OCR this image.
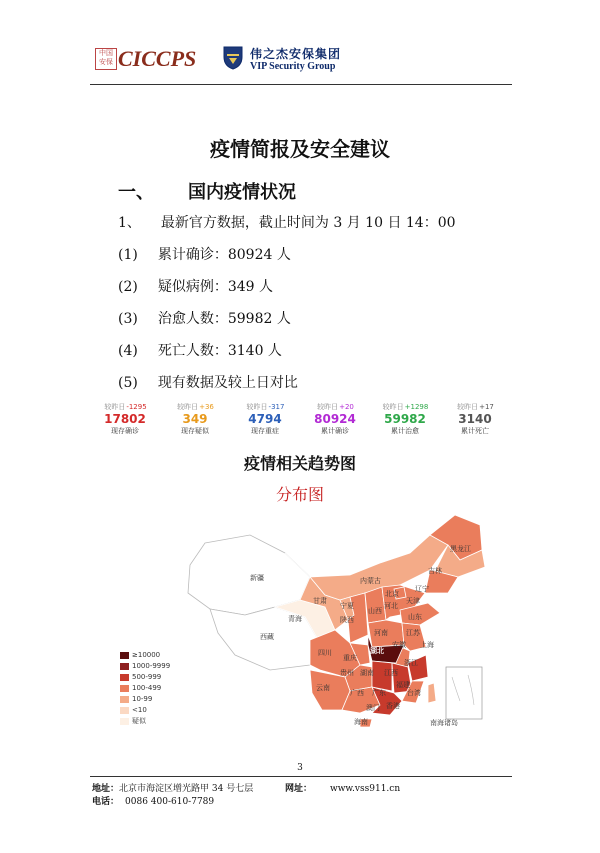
中国安保 CICCPS	伟之杰安保集团
VIP Security Group
疫情简报及安全建议
一、 国内疫情状况
1、 最新官方数据，截止时间为 3 月 10 日 14：00
(1) 累计确诊：80924 人
(2) 疑似病例：349 人
(3) 治愈人数：59982 人
(4) 死亡人数：3140 人
(5) 现有数据及较上日对比
较昨日-1295
17802
现存确诊
较昨日+36
349
现存疑似
较昨日-317
4794
现存重症
较昨日+20
80924
累计确诊
较昨日+1298
59982
累计治愈
较昨日+17
3140
累计死亡
疫情相关趋势图
分布图
新疆
西藏
青海
甘肃
内蒙古
黑龙江
吉林
辽宁
宁夏
陕西
山西
北京
河北
天津
山东
河南	江苏
安徽 上海
四川
重庆
湖北
浙江
贵州 湖南 江西
福建
云南
广西 广东	台湾
香港
澳门
海南	南海诸岛
≥10000
1000-9999
500-999
100-499
10-99
<10
疑似
3
地址：北京市海淀区增光路甲 34 号七层	网址： www.vss911.cn
电话： 0086 400-610-7789
